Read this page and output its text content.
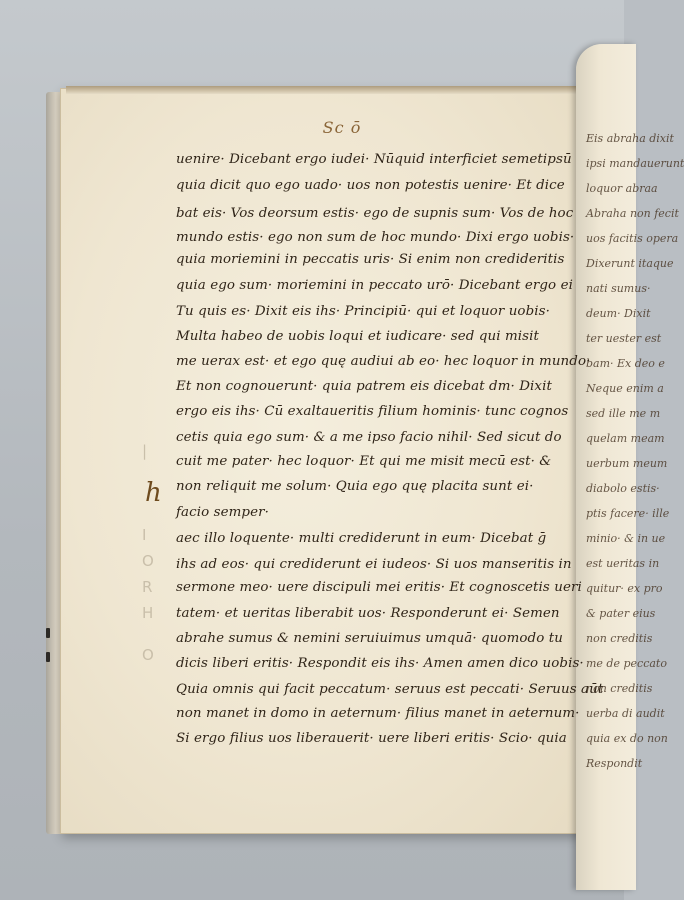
Eis abraha dixit
ipsi mandauerunt
loquor abraa
Abraha non fecit
uos facitis opera
Dixerunt itaque
nati sumus·
deum· Dixit
ter uester est
bam· Ex deo e
Neque enim a
sed ille me m
quelam meam
uerbum meum
diabolo estis·
ptis facere· ille
minio· & in ue
est ueritas in
quitur· ex pro
& pater eius
non creditis
me de peccato
non creditis
uerba di audit
quia ex do non
Respondit
Sc ō
|
I
O
R
H
O
h
uenire· Dicebant ergo iudei· Nūquid interficiet semetipsū
quia dicit quo ego uado· uos non potestis uenire· Et dice
bat eis· Vos deorsum estis· ego de supnis sum· Vos de hoc
mundo estis· ego non sum de hoc mundo· Dixi ergo uobis·
quia moriemini in peccatis uris· Si enim non credideritis
quia ego sum· moriemini in peccato urō· Dicebant ergo ei
Tu quis es· Dixit eis ihs· Principiū· qui et loquor uobis·
Multa habeo de uobis loqui et iudicare· sed qui misit
me uerax est· et ego quę audiui ab eo· hec loquor in mundo·
Et non cognouerunt· quia patrem eis dicebat dm· Dixit
ergo eis ihs· Cū exaltaueritis filium hominis· tunc cognos
cetis quia ego sum· & a me ipso facio nihil· Sed sicut do
cuit me pater· hec loquor· Et qui me misit mecū est· &
non reliquit me solum· Quia ego quę placita sunt ei·
facio semper·
aec illo loquente· multi crediderunt in eum· Dicebat ḡ
ihs ad eos· qui crediderunt ei iudeos· Si uos manseritis in
sermone meo· uere discipuli mei eritis· Et cognoscetis ueri
tatem· et ueritas liberabit uos· Responderunt ei· Semen
abrahe sumus & nemini seruiuimus umquā· quomodo tu
dicis liberi eritis· Respondit eis ihs· Amen amen dico uobis·
Quia omnis qui facit peccatum· seruus est peccati· Seruus aūt
non manet in domo in aeternum· filius manet in aeternum·
Si ergo filius uos liberauerit· uere liberi eritis· Scio· quia
